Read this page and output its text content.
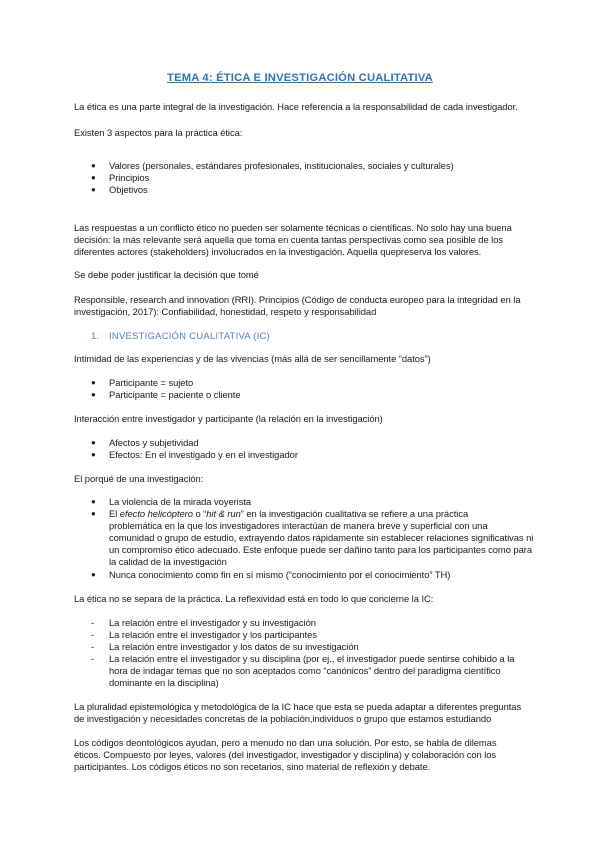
TEMA 4: ÉTICA E INVESTIGACIÓN CUALITATIVA
La ética es una parte integral de la investigación. Hace referencia a la responsabilidad de cada investigador.
Existen 3 aspectos para la práctica ética:
● Valores (personales, estándares profesionales, institucionales, sociales y culturales)
● Principios
● Objetivos
Las respuestas a un conflicto ético no pueden ser solamente técnicas o científicas. No solo hay una buena
decisión: la más relevante será aquella que toma en cuenta tantas perspectivas como sea posible de los
diferentes actores (stakeholders) involucrados en la investigación. Aquella quepreserva los valores.
Se debe poder justificar la decisión que tomé
Responsible, research and innovation (RRI). Principios (Código de conducta europeo para la integridad en la
investigación, 2017): Confiabilidad, honestidad, respeto y responsabilidad
1. INVESTIGACIÓN CUALITATIVA (IC)
Intimidad de las experiencias y de las vivencias (más allá de ser sencillamente “datos”)
● Participante = sujeto
● Participante = paciente o cliente
Interacción entre investigador y participante (la relación en la investigación)
● Afectos y subjetividad
● Efectos: En el investigado y en el investigador
El porqué de una investigación:
● La violencia de la mirada voyerista
● El efecto helicóptero o “hit & run” en la investigación cualitativa se refiere a una práctica
problemática en la que los investigadores interactúan de manera breve y superficial con una
comunidad o grupo de estudio, extrayendo datos rápidamente sin establecer relaciones significativas ni
un compromiso ético adecuado. Este enfoque puede ser dañino tanto para los participantes como para
la calidad de la investigación
● Nunca conocimiento como fin en sí mismo (“conocimiento por el conocimiento” TH)
La ética no se separa de la práctica. La reflexividad está en todo lo que concierne la IC:
- La relación entre el investigador y su investigación
- La relación entre el investigador y los participantes
- La relación entre investigador y los datos de su investigación
- La relación entre el investigador y su disciplina (por ej., el investigador puede sentirse cohibido a la
hora de indagar temas que no son aceptados como “canónicos” dentro del paradigma científico
dominante en la disciplina)
La pluralidad epistemológica y metodológica de la IC hace que esta se pueda adaptar a diferentes preguntas
de investigación y necesidades concretas de la población,individuos o grupo que estamos estudiando
Los códigos deontológicos ayudan, pero a menudo no dan una solución. Por esto, se habla de dilemas
éticos. Compuesto por leyes, valores (del investigador, investigador y disciplina) y colaboración con los
participantes. Los códigos éticos no son recetarios, sino material de reflexión y debate.
